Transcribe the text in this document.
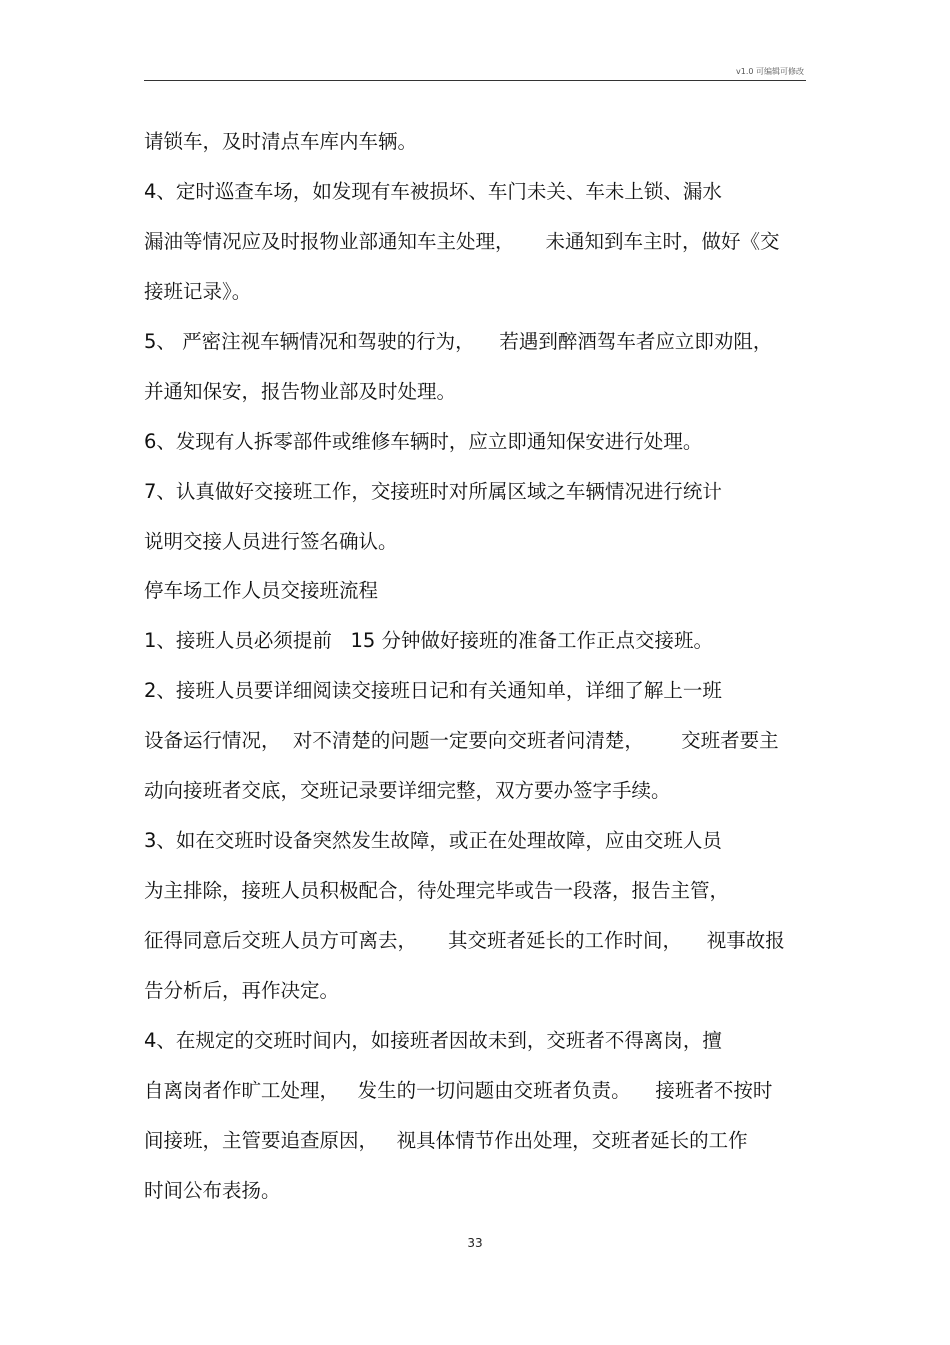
v1.0 可编辑可修改
请锁车，及时清点车库内车辆。
4、定时巡查车场，如发现有车被损坏、车门未关、车未上锁、漏水
漏油等情况应及时报物业部通知车主处理，     未通知到车主时，做好《交
接班记录》。
5、 严密注视车辆情况和驾驶的行为，    若遇到醉酒驾车者应立即劝阻，
并通知保安，报告物业部及时处理。
6、发现有人拆零部件或维修车辆时，应立即通知保安进行处理。
7、认真做好交接班工作，交接班时对所属区域之车辆情况进行统计
说明交接人员进行签名确认。
停车场工作人员交接班流程
1、接班人员必须提前   15 分钟做好接班的准备工作正点交接班。
2、接班人员要详细阅读交接班日记和有关通知单，详细了解上一班
设备运行情况，  对不清楚的问题一定要向交班者问清楚，      交班者要主
动向接班者交底，交班记录要详细完整，双方要办签字手续。
3、如在交班时设备突然发生故障，或正在处理故障，应由交班人员
为主排除，接班人员积极配合，待处理完毕或告一段落，报告主管，
征得同意后交班人员方可离去，     其交班者延长的工作时间，    视事故报
告分析后，再作决定。
4、在规定的交班时间内，如接班者因故未到，交班者不得离岗，擅
自离岗者作旷工处理，   发生的一切问题由交班者负责。    接班者不按时
间接班，主管要追查原因，   视具体情节作出处理，交班者延长的工作
时间公布表扬。
33
